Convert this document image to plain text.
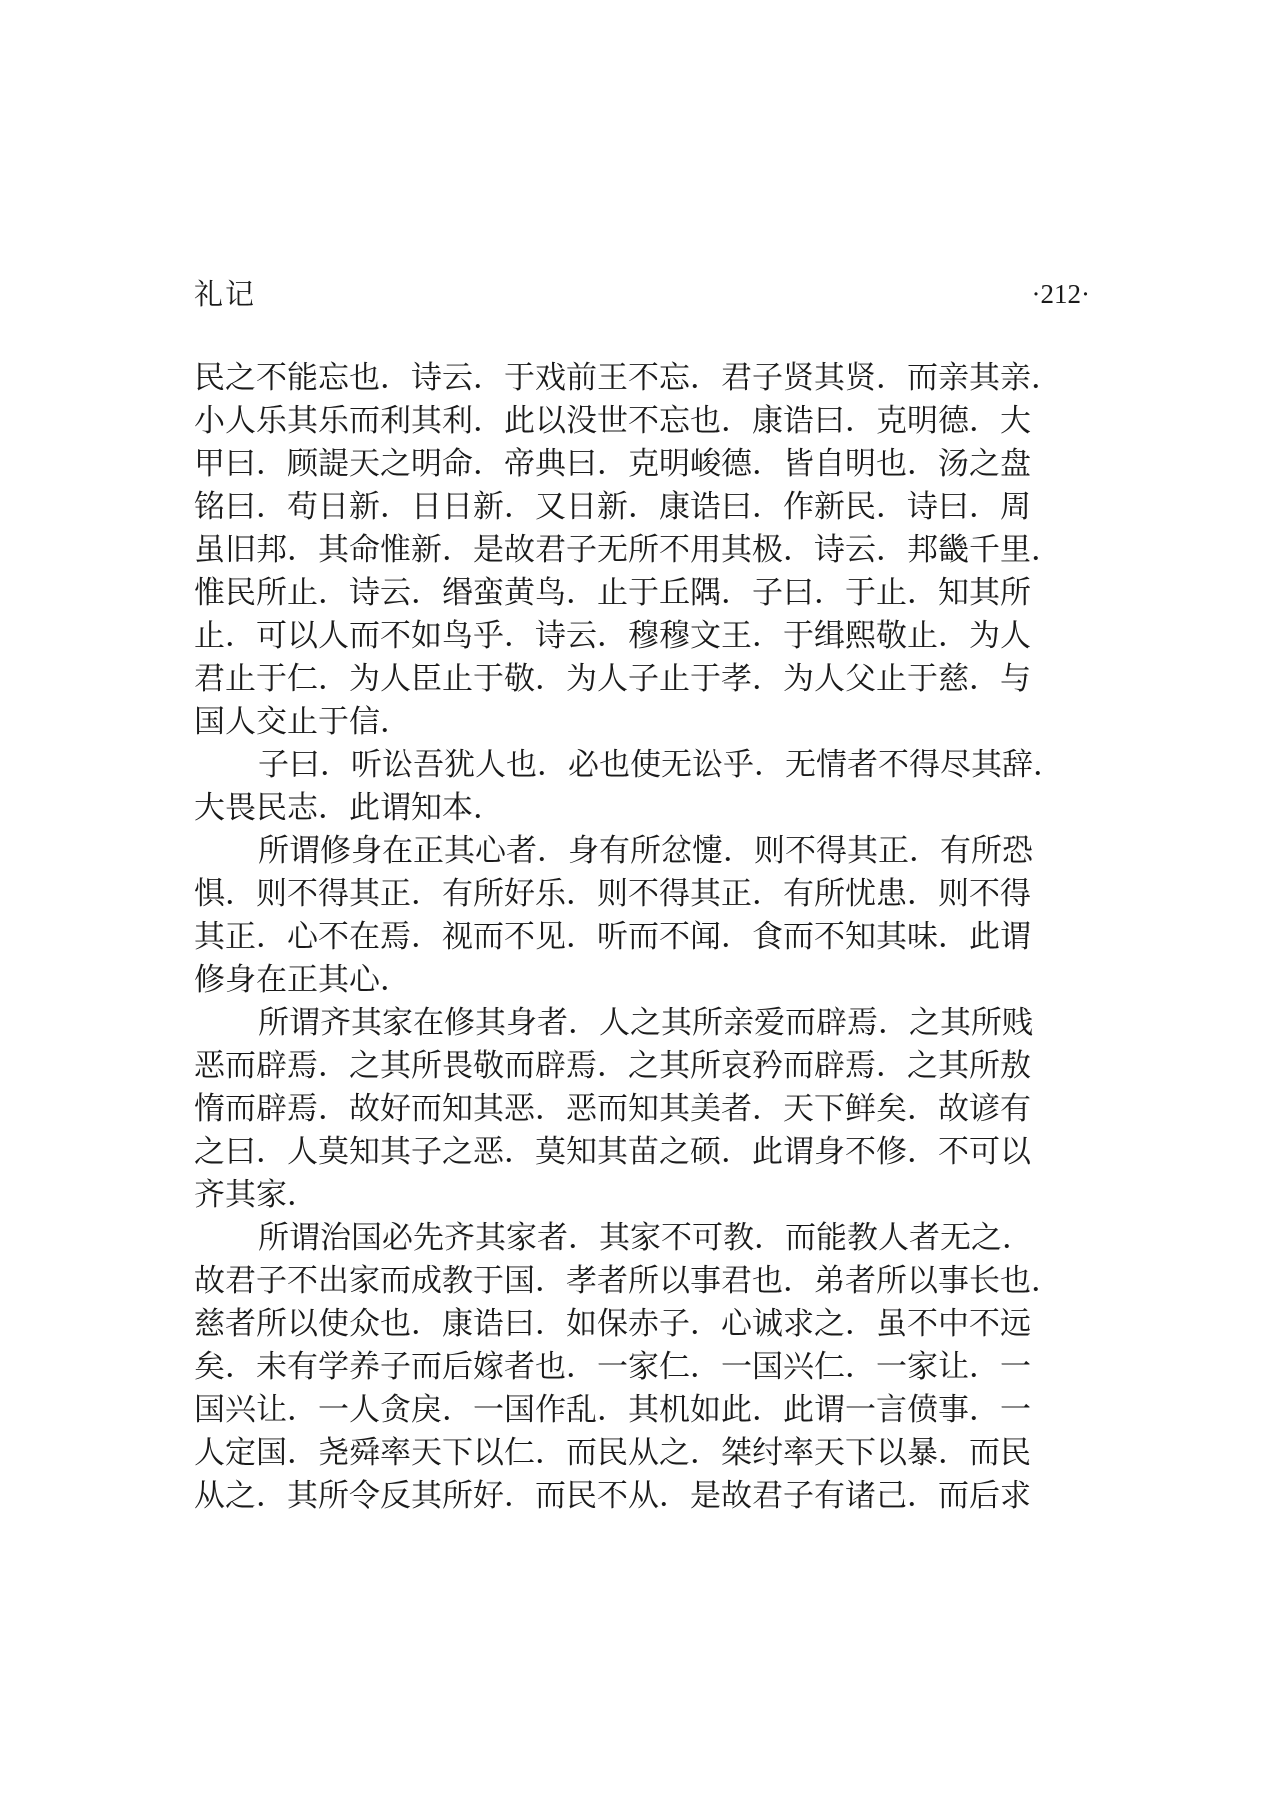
礼记	·212·
民之不能忘也．诗云．于戏前王不忘．君子贤其贤．而亲其亲．
小人乐其乐而利其利．此以没世不忘也．康诰曰．克明德．大
甲曰．顾諟天之明命．帝典曰．克明峻德．皆自明也．汤之盘
铭曰．苟日新．日日新．又日新．康诰曰．作新民．诗曰．周
虽旧邦．其命惟新．是故君子无所不用其极．诗云．邦畿千里．
惟民所止．诗云．缗蛮黄鸟．止于丘隅．子曰．于止．知其所
止．可以人而不如鸟乎．诗云．穆穆文王．于缉熙敬止．为人
君止于仁．为人臣止于敬．为人子止于孝．为人父止于慈．与
国人交止于信．
子曰．听讼吾犹人也．必也使无讼乎．无情者不得尽其辞．
大畏民志．此谓知本．
所谓修身在正其心者．身有所忿懥．则不得其正．有所恐
惧．则不得其正．有所好乐．则不得其正．有所忧患．则不得
其正．心不在焉．视而不见．听而不闻．食而不知其味．此谓
修身在正其心．
所谓齐其家在修其身者．人之其所亲爱而辟焉．之其所贱
恶而辟焉．之其所畏敬而辟焉．之其所哀矜而辟焉．之其所敖
惰而辟焉．故好而知其恶．恶而知其美者．天下鲜矣．故谚有
之曰．人莫知其子之恶．莫知其苗之硕．此谓身不修．不可以
齐其家．
所谓治国必先齐其家者．其家不可教．而能教人者无之．
故君子不出家而成教于国．孝者所以事君也．弟者所以事长也．
慈者所以使众也．康诰曰．如保赤子．心诚求之．虽不中不远
矣．未有学养子而后嫁者也．一家仁．一国兴仁．一家让．一
国兴让．一人贪戾．一国作乱．其机如此．此谓一言偾事．一
人定国．尧舜率天下以仁．而民从之．桀纣率天下以暴．而民
从之．其所令反其所好．而民不从．是故君子有诸己．而后求
